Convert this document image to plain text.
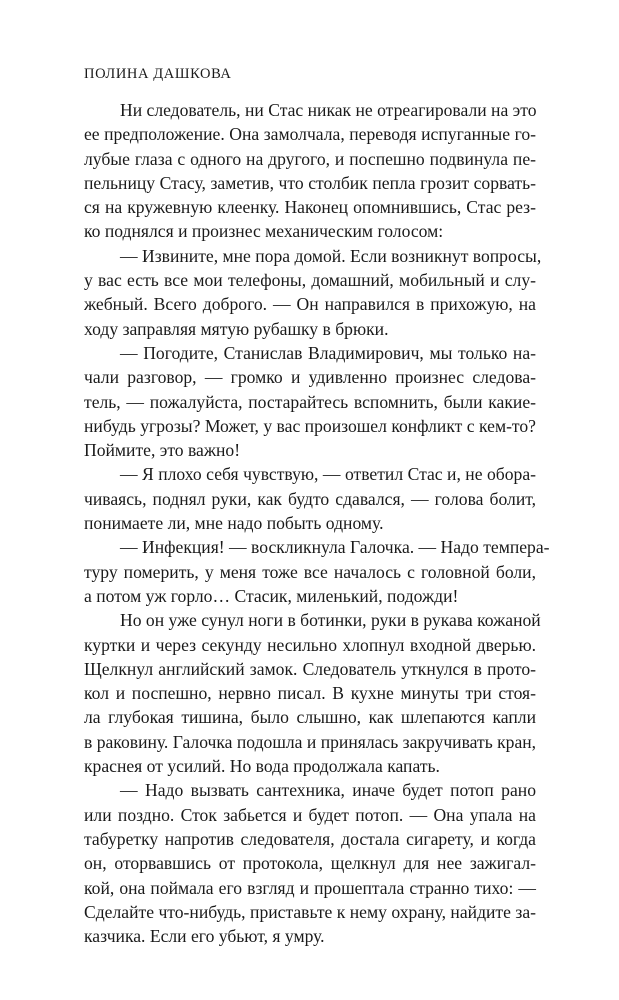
ПОЛИНА ДАШКОВА
Ни следователь, ни Стас никак не отреагировали на это
ее предположение. Она замолчала, переводя испуганные го-
лубые глаза с одного на другого, и поспешно подвинула пе-
пельницу Стасу, заметив, что столбик пепла грозит сорвать-
ся на кружевную клеенку. Наконец опомнившись, Стас рез-
ко поднялся и произнес механическим голосом:
— Извините, мне пора домой. Если возникнут вопросы,
у вас есть все мои телефоны, домашний, мобильный и слу-
жебный. Всего доброго. — Он направился в прихожую, на
ходу заправляя мятую рубашку в брюки.
— Погодите, Станислав Владимирович, мы только на-
чали разговор, — громко и удивленно произнес следова-
тель, — пожалуйста, постарайтесь вспомнить, были какие-
нибудь угрозы? Может, у вас произошел конфликт с кем-то?
Поймите, это важно!
— Я плохо себя чувствую, — ответил Стас и, не обора-
чиваясь, поднял руки, как будто сдавался, — голова болит,
понимаете ли, мне надо побыть одному.
— Инфекция! — воскликнула Галочка. — Надо темпера-
туру померить, у меня тоже все началось с головной боли,
а потом уж горло… Стасик, миленький, подожди!
Но он уже сунул ноги в ботинки, руки в рукава кожаной
куртки и через секунду несильно хлопнул входной дверью.
Щелкнул английский замок. Следователь уткнулся в прото-
кол и поспешно, нервно писал. В кухне минуты три стоя-
ла глубокая тишина, было слышно, как шлепаются капли
в раковину. Галочка подошла и принялась закручивать кран,
краснея от усилий. Но вода продолжала капать.
— Надо вызвать сантехника, иначе будет потоп рано
или поздно. Сток забьется и будет потоп. — Она упала на
табуретку напротив следователя, достала сигарету, и когда
он, оторвавшись от протокола, щелкнул для нее зажигал-
кой, она поймала его взгляд и прошептала странно тихо: —
Сделайте что-нибудь, приставьте к нему охрану, найдите за-
казчика. Если его убьют, я умру.
